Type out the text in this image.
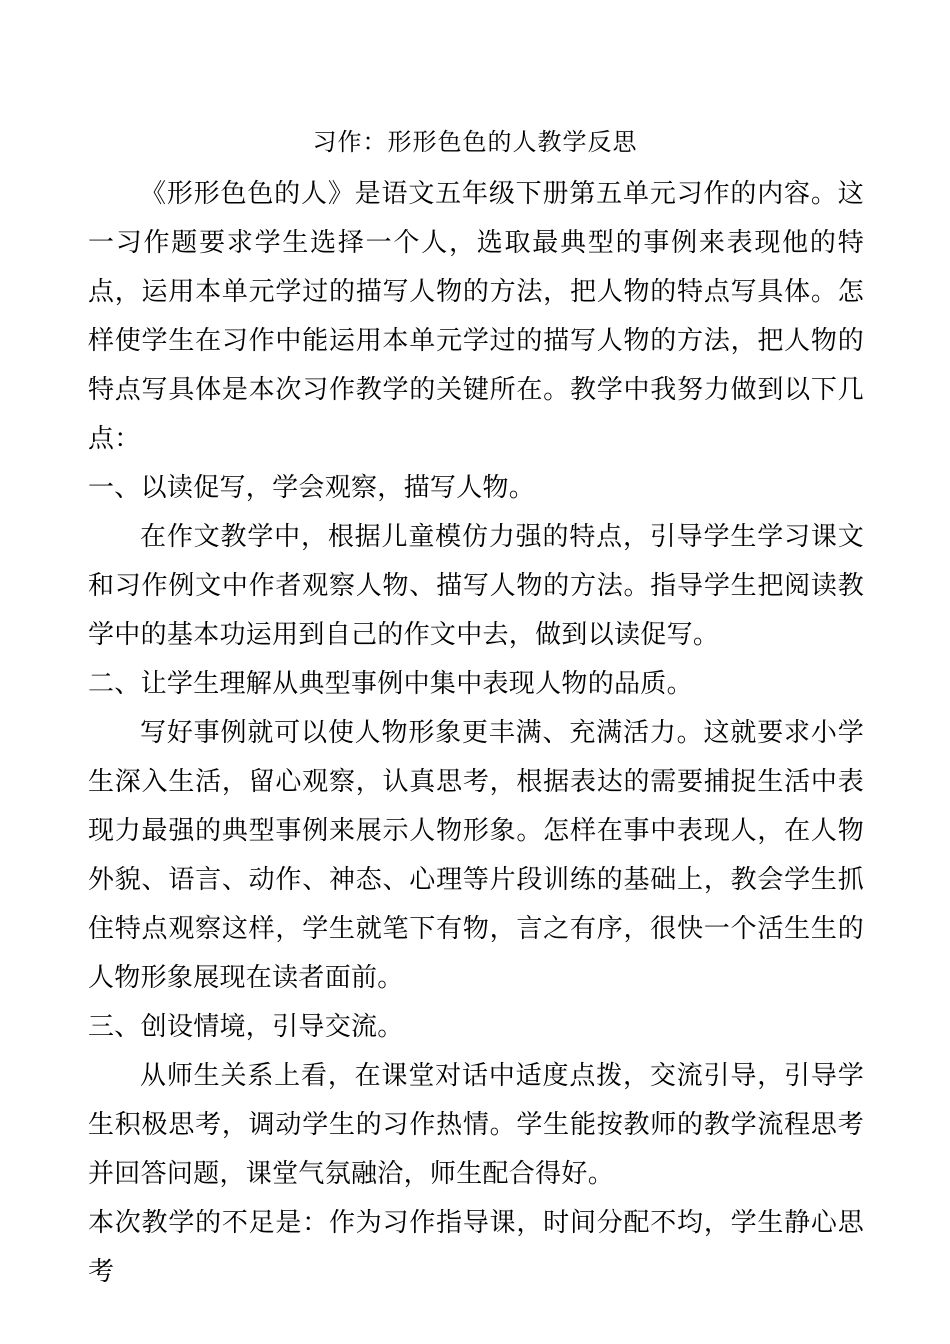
习作：形形色色的人教学反思

《形形色色的人》是语文五年级下册第五单元习作的内容。这一习作题要求学生选择一个人，选取最典型的事例来表现他的特点，运用本单元学过的描写人物的方法，把人物的特点写具体。怎样使学生在习作中能运用本单元学过的描写人物的方法，把人物的特点写具体是本次习作教学的关键所在。教学中我努力做到以下几点：

一、以读促写，学会观察，描写人物。

在作文教学中，根据儿童模仿力强的特点，引导学生学习课文和习作例文中作者观察人物、描写人物的方法。指导学生把阅读教学中的基本功运用到自己的作文中去，做到以读促写。

二、让学生理解从典型事例中集中表现人物的品质。

写好事例就可以使人物形象更丰满、充满活力。这就要求小学生深入生活，留心观察，认真思考，根据表达的需要捕捉生活中表现力最强的典型事例来展示人物形象。怎样在事中表现人，在人物外貌、语言、动作、神态、心理等片段训练的基础上，教会学生抓住特点观察这样，学生就笔下有物，言之有序，很快一个活生生的人物形象展现在读者面前。

三、创设情境，引导交流。

从师生关系上看，在课堂对话中适度点拨，交流引导，引导学生积极思考，调动学生的习作热情。学生能按教师的教学流程思考并回答问题，课堂气氛融洽，师生配合得好。

本次教学的不足是：作为习作指导课，时间分配不均，学生静心思考
